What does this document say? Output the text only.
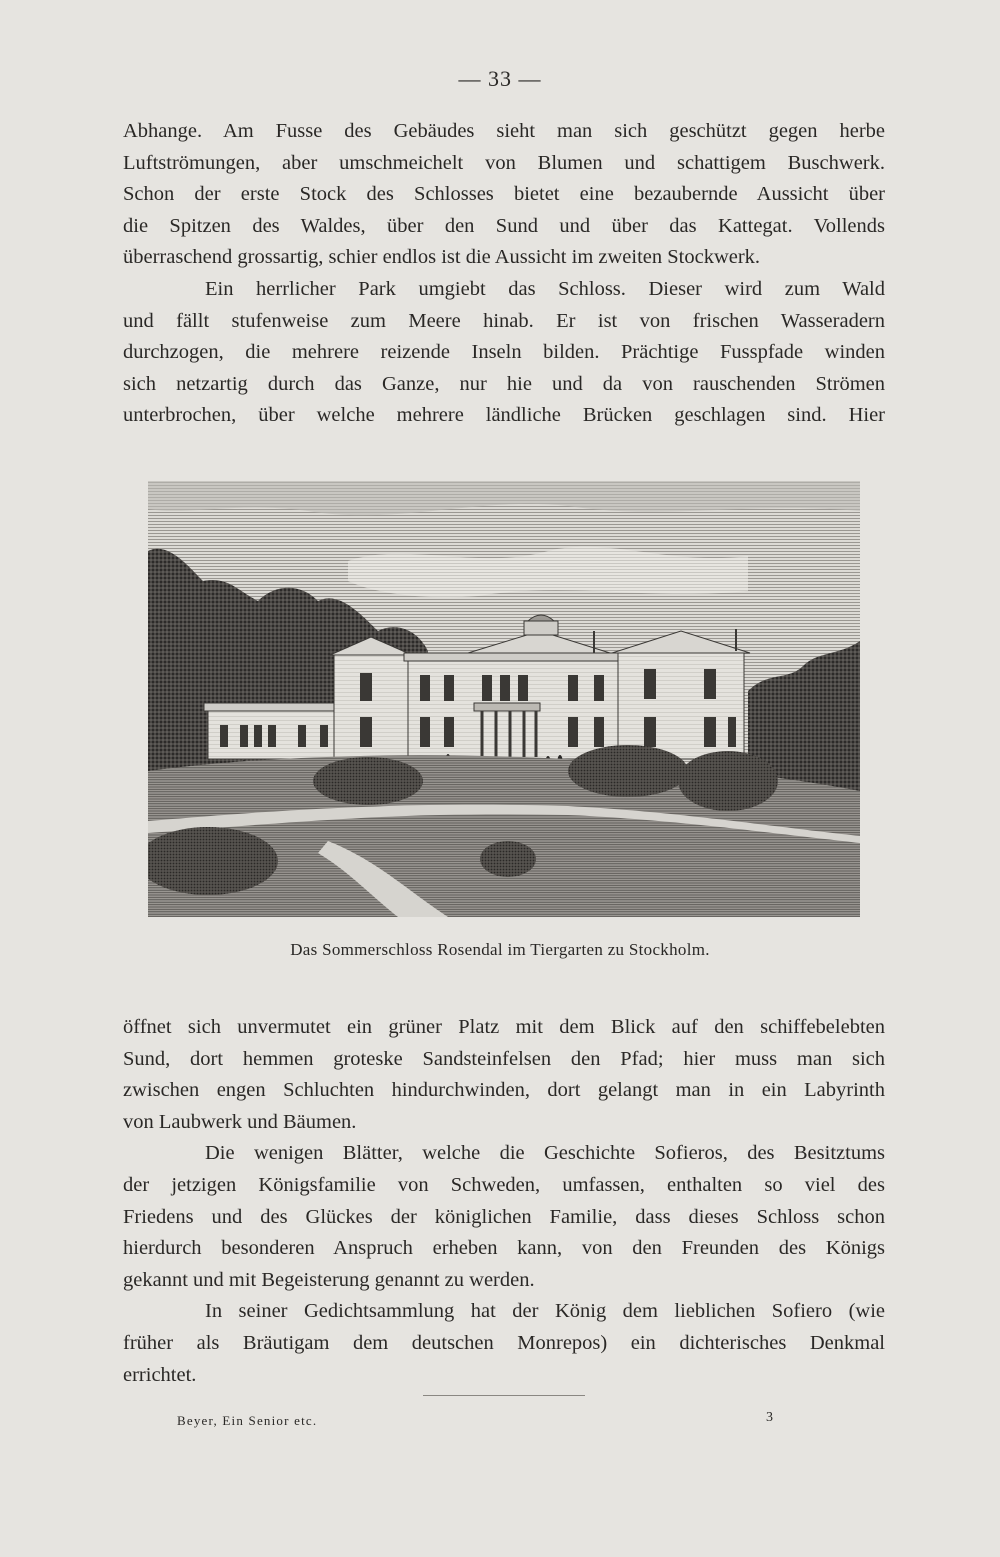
— 33 —
Abhange. Am Fusse des Gebäudes sieht man sich geschützt gegen herbe
Luftströmungen, aber umschmeichelt von Blumen und schattigem Buschwerk.
Schon der erste Stock des Schlosses bietet eine bezaubernde Aussicht über
die Spitzen des Waldes, über den Sund und über das Kattegat. Vollends
überraschend grossartig, schier endlos ist die Aussicht im zweiten Stockwerk.
Ein herrlicher Park umgiebt das Schloss. Dieser wird zum Wald
und fällt stufenweise zum Meere hinab. Er ist von frischen Wasseradern
durchzogen, die mehrere reizende Inseln bilden. Prächtige Fusspfade winden
sich netzartig durch das Ganze, nur hie und da von rauschenden Strömen
unterbrochen, über welche mehrere ländliche Brücken geschlagen sind. Hier
Das Sommerschloss Rosendal im Tiergarten zu Stockholm.
öffnet sich unvermutet ein grüner Platz mit dem Blick auf den schiffebelebten
Sund, dort hemmen groteske Sandsteinfelsen den Pfad; hier muss man sich
zwischen engen Schluchten hindurchwinden, dort gelangt man in ein Labyrinth
von Laubwerk und Bäumen.
Die wenigen Blätter, welche die Geschichte Sofieros, des Besitztums
der jetzigen Königsfamilie von Schweden, umfassen, enthalten so viel des
Friedens und des Glückes der königlichen Familie, dass dieses Schloss schon
hierdurch besonderen Anspruch erheben kann, von den Freunden des Königs
gekannt und mit Begeisterung genannt zu werden.
In seiner Gedichtsammlung hat der König dem lieblichen Sofiero (wie
früher als Bräutigam dem deutschen Monrepos) ein dichterisches Denkmal
errichtet.
Beyer, Ein Senior etc.	3
